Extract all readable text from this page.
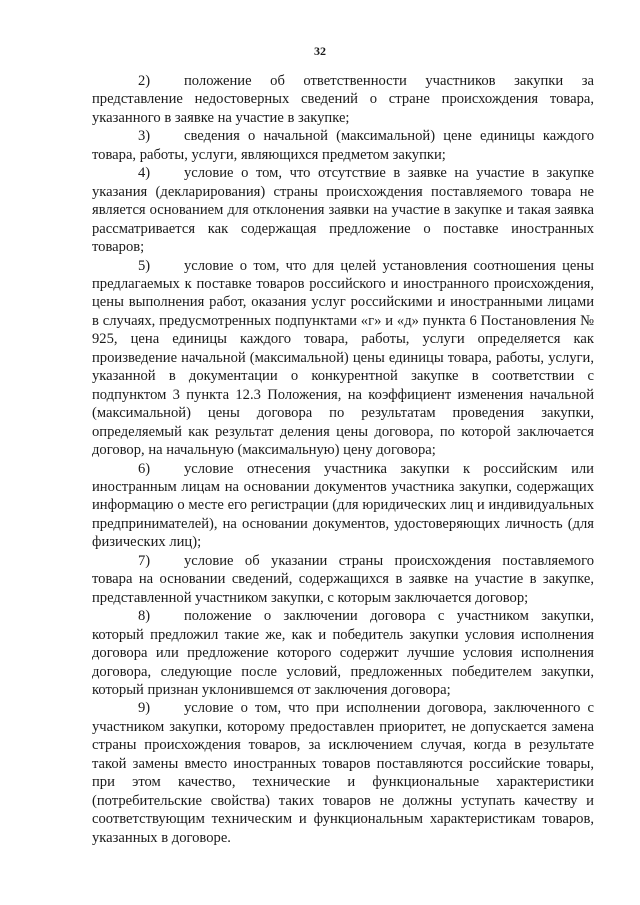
32

2) положение об ответственности участников закупки за представление недостоверных сведений о стране происхождения товара, указанного в заявке на участие в закупке;

3) сведения о начальной (максимальной) цене единицы каждого товара, работы, услуги, являющихся предметом закупки;

4) условие о том, что отсутствие в заявке на участие в закупке указания (декларирования) страны происхождения поставляемого товара не является основанием для отклонения заявки на участие в закупке и такая заявка рассматривается как содержащая предложение о поставке иностранных товаров;

5) условие о том, что для целей установления соотношения цены предлагаемых к поставке товаров российского и иностранного происхождения, цены выполнения работ, оказания услуг российскими и иностранными лицами в случаях, предусмотренных подпунктами «г» и «д» пункта 6 Постановления № 925, цена единицы каждого товара, работы, услуги определяется как произведение начальной (максимальной) цены единицы товара, работы, услуги, указанной в документации о конкурентной закупке в соответствии с подпунктом 3 пункта 12.3 Положения, на коэффициент изменения начальной (максимальной) цены договора по результатам проведения закупки, определяемый как результат деления цены договора, по которой заключается договор, на начальную (максимальную) цену договора;

6) условие отнесения участника закупки к российским или иностранным лицам на основании документов участника закупки, содержащих информацию о месте его регистрации (для юридических лиц и индивидуальных предпринимателей), на основании документов, удостоверяющих личность (для физических лиц);

7) условие об указании страны происхождения поставляемого товара на основании сведений, содержащихся в заявке на участие в закупке, представленной участником закупки, с которым заключается договор;

8) положение о заключении договора с участником закупки, который предложил такие же, как и победитель закупки условия исполнения договора или предложение которого содержит лучшие условия исполнения договора, следующие после условий, предложенных победителем закупки, который признан уклонившемся от заключения договора;

9) условие о том, что при исполнении договора, заключенного с участником закупки, которому предоставлен приоритет, не допускается замена страны происхождения товаров, за исключением случая, когда в результате такой замены вместо иностранных товаров поставляются российские товары, при этом качество, технические и функциональные характеристики (потребительские свойства) таких товаров не должны уступать качеству и соответствующим техническим и функциональным характеристикам товаров, указанных в договоре.
